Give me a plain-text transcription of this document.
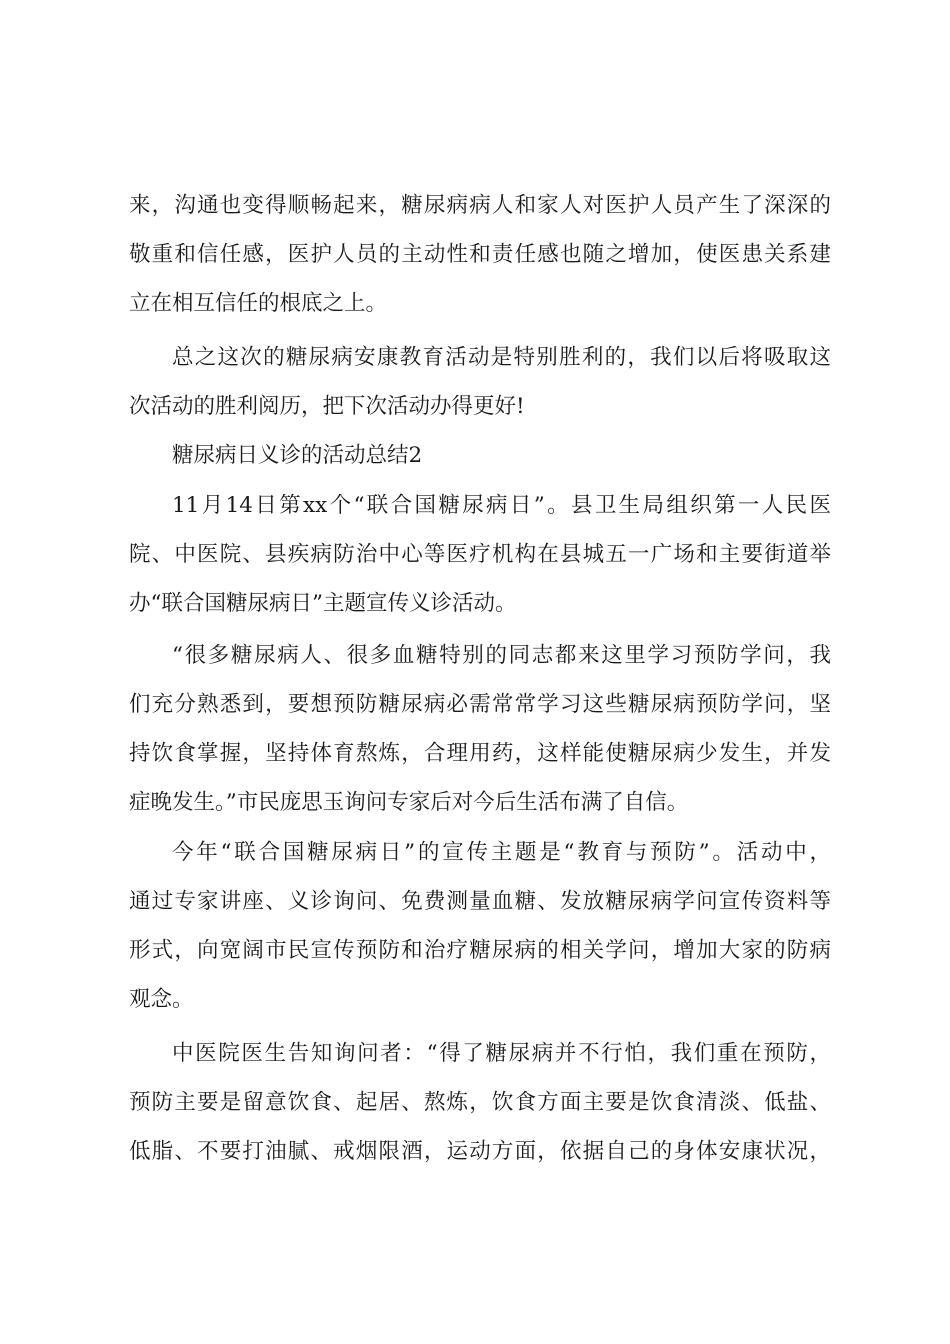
来，沟通也变得顺畅起来，糖尿病病人和家人对医护人员产生了深深的
敬重和信任感，医护人员的主动性和责任感也随之增加，使医患关系建
立在相互信任的根底之上。
总之这次的糖尿病安康教育活动是特别胜利的，我们以后将吸取这
次活动的胜利阅历，把下次活动办得更好!
糖尿病日义诊的活动总结2
11月14日第xx个“联合国糖尿病日”。县卫生局组织第一人民医
院、中医院、县疾病防治中心等医疗机构在县城五一广场和主要街道举
办“联合国糖尿病日”主题宣传义诊活动。
“很多糖尿病人、很多血糖特别的同志都来这里学习预防学问，我
们充分熟悉到，要想预防糖尿病必需常常学习这些糖尿病预防学问，坚
持饮食掌握，坚持体育熬炼，合理用药，这样能使糖尿病少发生，并发
症晚发生。”市民庞思玉询问专家后对今后生活布满了自信。
今年“联合国糖尿病日”的宣传主题是“教育与预防”。活动中，
通过专家讲座、义诊询问、免费测量血糖、发放糖尿病学问宣传资料等
形式，向宽阔市民宣传预防和治疗糖尿病的相关学问，增加大家的防病
观念。
中医院医生告知询问者：“得了糖尿病并不行怕，我们重在预防，
预防主要是留意饮食、起居、熬炼，饮食方面主要是饮食清淡、低盐、
低脂、不要打油腻、戒烟限酒，运动方面，依据自己的身体安康状况，
